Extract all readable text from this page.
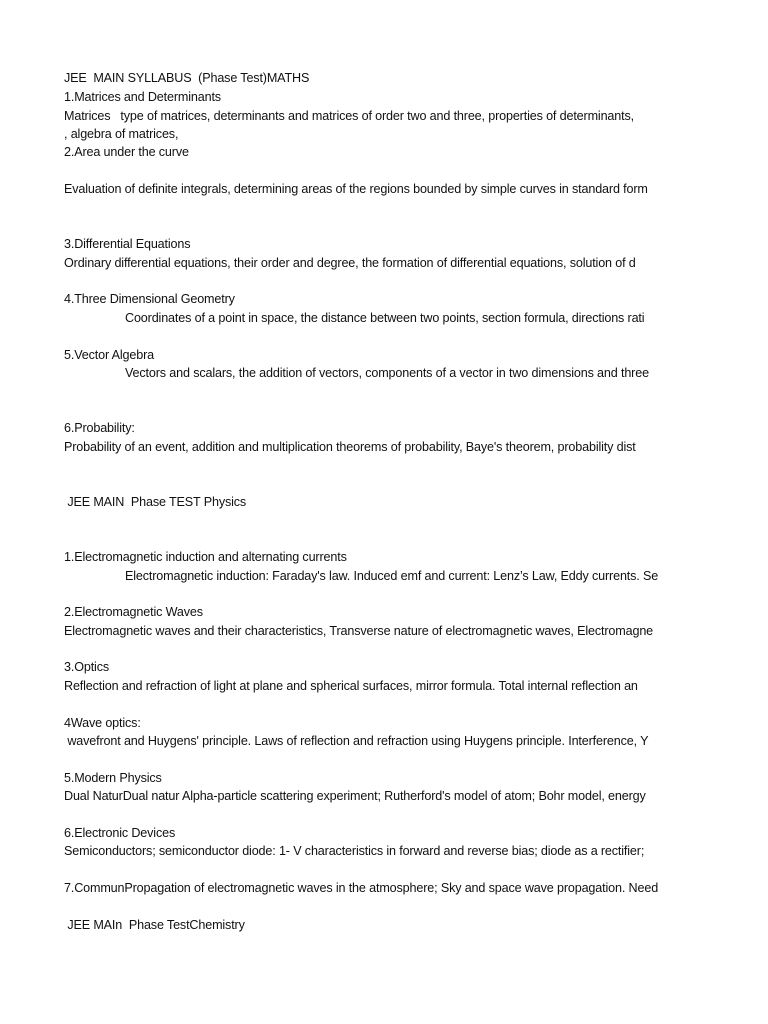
JEE  MAIN SYLLABUS  (Phase Test)MATHS
1.Matrices and Determinants
Matrices   type of matrices, determinants and matrices of order two and three, properties of determinants,
, algebra of matrices,
2.Area under the curve
Evaluation of definite integrals, determining areas of the regions bounded by simple curves in standard form
3.Differential Equations
Ordinary differential equations, their order and degree, the formation of differential equations, solution of d
4.Three Dimensional Geometry
Coordinates of a point in space, the distance between two points, section formula, directions rati
5.Vector Algebra
Vectors and scalars, the addition of vectors, components of a vector in two dimensions and three
6.Probability:
Probability of an event, addition and multiplication theorems of probability, Baye's theorem, probability dist
JEE MAIN  Phase TEST Physics
1.Electromagnetic induction and alternating currents
Electromagnetic induction: Faraday's law. Induced emf and current: Lenz’s Law, Eddy currents. Se
2.Electromagnetic Waves
Electromagnetic waves and their characteristics, Transverse nature of electromagnetic waves, Electromagne
3.Optics
Reflection and refraction of light at plane and spherical surfaces, mirror formula. Total internal reflection an
4Wave optics:
wavefront and Huygens' principle. Laws of reflection and refraction using Huygens principle. Interference, Y
5.Modern Physics
Dual NaturDual natur Alpha-particle scattering experiment; Rutherford's model of atom; Bohr model, energy
6.Electronic Devices
Semiconductors; semiconductor diode: 1- V characteristics in forward and reverse bias; diode as a rectifier;
7.CommunPropagation of electromagnetic waves in the atmosphere; Sky and space wave propagation. Need
JEE MAIn  Phase TestChemistry
